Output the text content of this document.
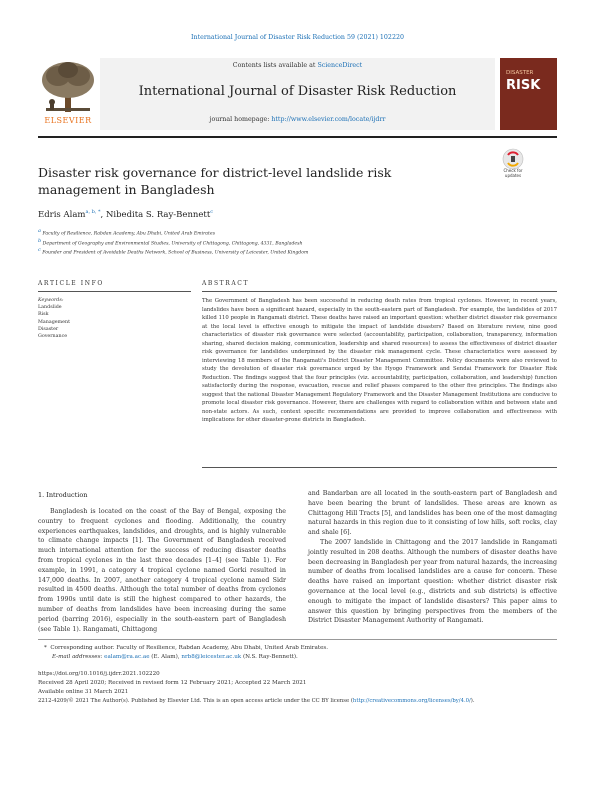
International Journal of Disaster Risk Reduction 59 (2021) 102220
ELSEVIER
Contents lists available at ScienceDirect
International Journal of Disaster Risk Reduction
journal homepage: http://www.elsevier.com/locate/ijdrr
DISASTER
RISK
Disaster risk governance for district-level landslide risk management in Bangladesh
Check for updates
Edris Alam$^{a, b, *}$, Nibedita S. Ray-Bennett$^c$
$^a$ Faculty of Resilience, Rabdan Academy, Abu Dhabi, United Arab Emirates
$^b$ Department of Geography and Environmental Studies, University of Chittagong, Chittagong, 4331, Bangladesh
$^c$ Founder and President of Avoidable Deaths Network, School of Business, University of Leicester, United Kingdom
ARTICLE INFO	ABSTRACT
Keywords:
Landslide
Risk
Management
Disaster
Governance
The Government of Bangladesh has been successful in reducing death rates from tropical cyclones. However, in recent years, landslides have been a significant hazard, especially in the south-eastern part of Bangladesh. For example, the landslides of 2017 killed 110 people in Rangamati district. These deaths have raised an important question: whether district disaster risk governance at the local level is effective enough to mitigate the impact of landslide disasters? Based on literature review, nine good characteristics of disaster risk governance were selected (accountability, participation, collaboration, transparency, information sharing, shared decision making, communication, leadership and shared resources) to assess the effectiveness of district disaster risk governance for landslides underpinned by the disaster risk management cycle. These characteristics were assessed by interviewing 18 members of the Rangamati's District Disaster Management Committee. Policy documents were also reviewed to study the devolution of disaster risk governance urged by the Hyogo Framework and Sendai Framework for Disaster Risk Reduction. The findings suggest that the four principles (viz. accountability, participation, collaboration, and leadership) function satisfactorily during the response, evacuation, rescue and relief phases compared to the other five principles. The findings also suggest that the national Disaster Management Regulatory Framework and the Disaster Management Institutions are conducive to promote local disaster risk governance. However, there are challenges with regard to collaboration within and between state and non-state actors. As such, context specific recommendations are provided to improve collaboration and effectiveness with implications for other disaster-prone districts in Bangladesh.
1. Introduction

Bangladesh is located on the coast of the Bay of Bengal, exposing the country to frequent cyclones and flooding. Additionally, the country experiences earthquakes, landslides, and droughts, and is highly vulnerable to climate change impacts [1]. The Government of Bangladesh received much international attention for the success of reducing disaster deaths from tropical cyclones in the last three decades [1–4] (see Table 1). For example, in 1991, a category 4 tropical cyclone named Gorki resulted in 147,000 deaths. In 2007, another category 4 tropical cyclone named Sidr resulted in 4500 deaths. Although the total number of deaths from cyclones from 1990s until date is still the highest compared to other hazards, the number of deaths from landslides have been increasing during the same period (barring 2016), especially in the south-eastern part of Bangladesh (see Table 1). Rangamati, Chittagong

and Bandarban are all located in the south-eastern part of Bangladesh and have been bearing the brunt of landslides. These areas are known as Chittagong Hill Tracts [5], and landslides has been one of the most damaging natural hazards in this region due to it consisting of low hills, soft rocks, clay and shale [6].

The 2007 landslide in Chittagong and the 2017 landslide in Rangamati jointly resulted in 208 deaths. Although the numbers of disaster deaths have been decreasing in Bangladesh per year from natural hazards, the increasing number of deaths from localised landslides are a cause for concern. These deaths have raised an important question: whether district disaster risk governance at the local level (e.g., districts and sub districts) is effective enough to mitigate the impact of landslide disasters? This paper aims to answer this question by bringing perspectives from the members of the District Disaster Management Authority of Rangamati.

* Corresponding author. Faculty of Resilience, Rabdan Academy, Abu Dhabi, United Arab Emirates.
E-mail addresses: ealam@ra.ac.ae (E. Alam), nrb8@leicester.ac.uk (N.S. Ray-Bennett).
https://doi.org/10.1016/j.ijdrr.2021.102220
Received 28 April 2020; Received in revised form 12 February 2021; Accepted 22 March 2021
Available online 31 March 2021
2212-4209/© 2021 The Author(s). Published by Elsevier Ltd. This is an open access article under the CC BY license (http://creativecommons.org/licenses/by/4.0/).
